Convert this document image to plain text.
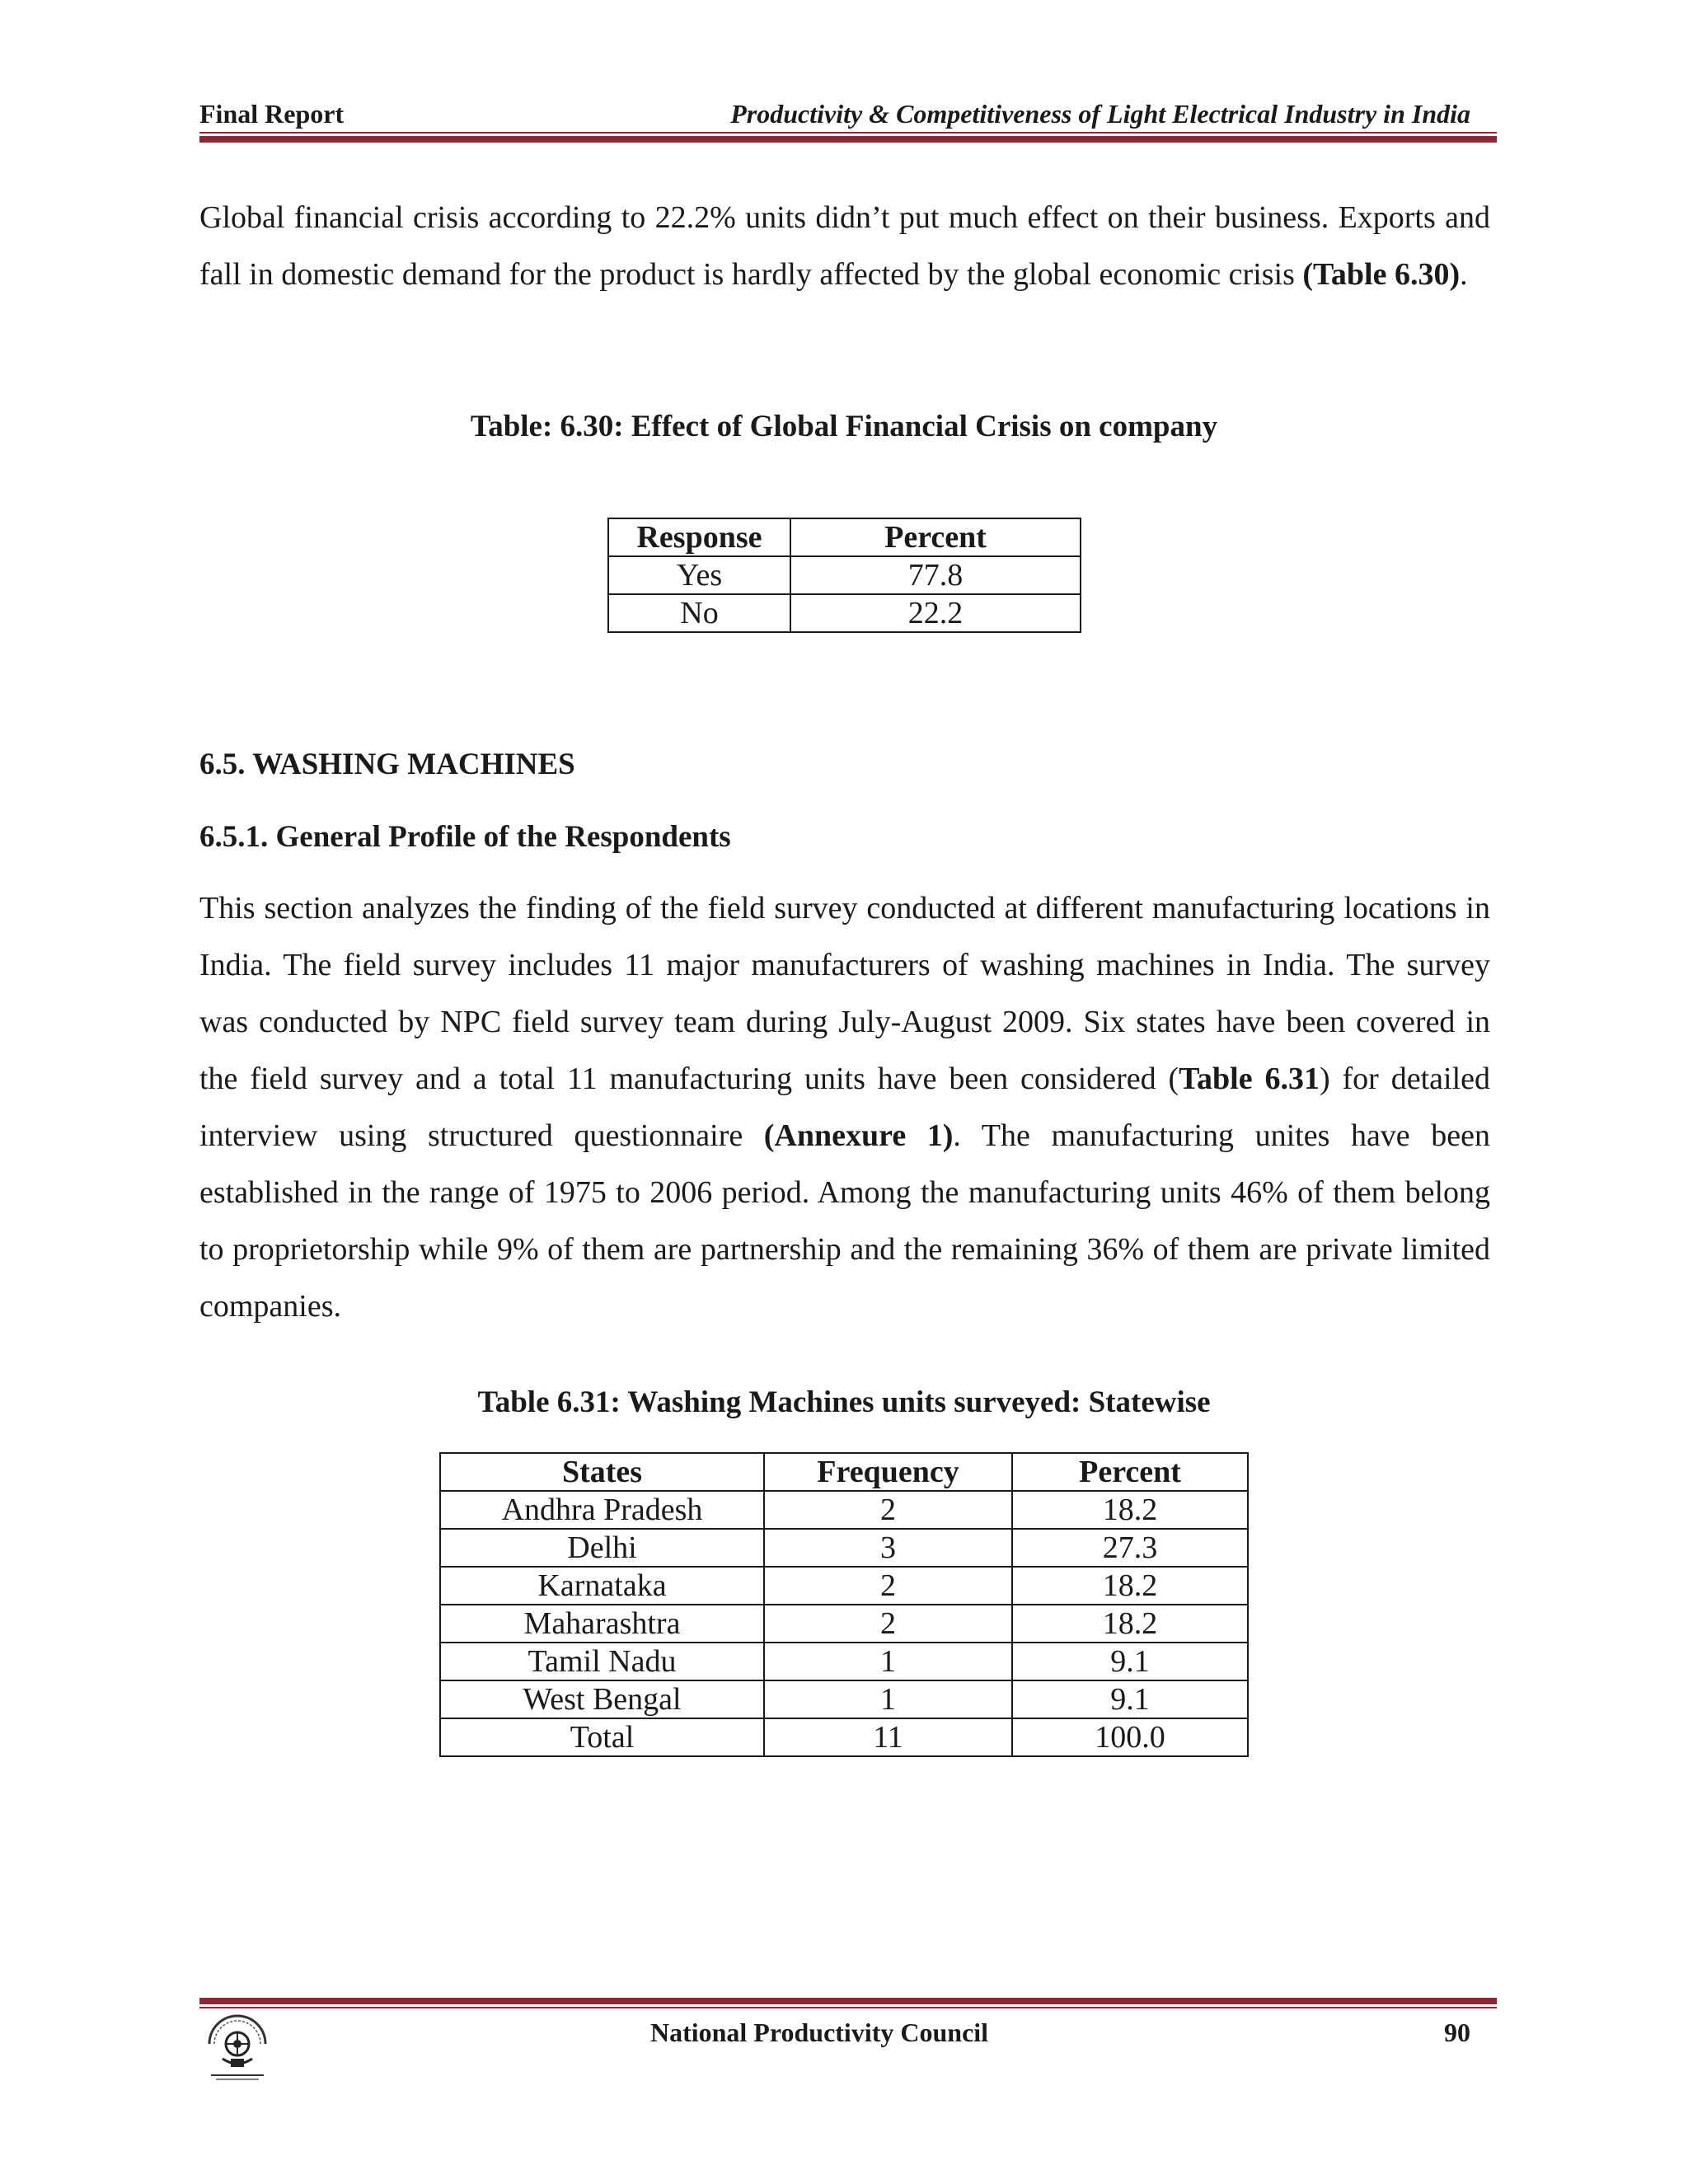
Final Report	Productivity & Competitiveness of Light Electrical Industry in India
Global financial crisis according to 22.2% units didn’t put much effect on their business. Exports and fall in domestic demand for the product is hardly affected by the global economic crisis (Table 6.30).
Table: 6.30: Effect of Global Financial Crisis on company
Response	Percent
Yes	77.8
No	22.2
6.5. WASHING MACHINES
6.5.1. General Profile of the Respondents
This section analyzes the finding of the field survey conducted at different manufacturing locations in India. The field survey includes 11 major manufacturers of washing machines in India. The survey was conducted by NPC field survey team during July-August 2009. Six states have been covered in the field survey and a total 11 manufacturing units have been considered (Table 6.31) for detailed interview using structured questionnaire (Annexure 1). The manufacturing unites have been established in the range of 1975 to 2006 period. Among the manufacturing units 46% of them belong to proprietorship while 9% of them are partnership and the remaining 36% of them are private limited companies.
Table 6.31: Washing Machines units surveyed: Statewise
States	Frequency	Percent
Andhra Pradesh	2	18.2
Delhi	3	27.3
Karnataka	2	18.2
Maharashtra	2	18.2
Tamil Nadu	1	9.1
West Bengal	1	9.1
Total	11	100.0
National Productivity Council	90
